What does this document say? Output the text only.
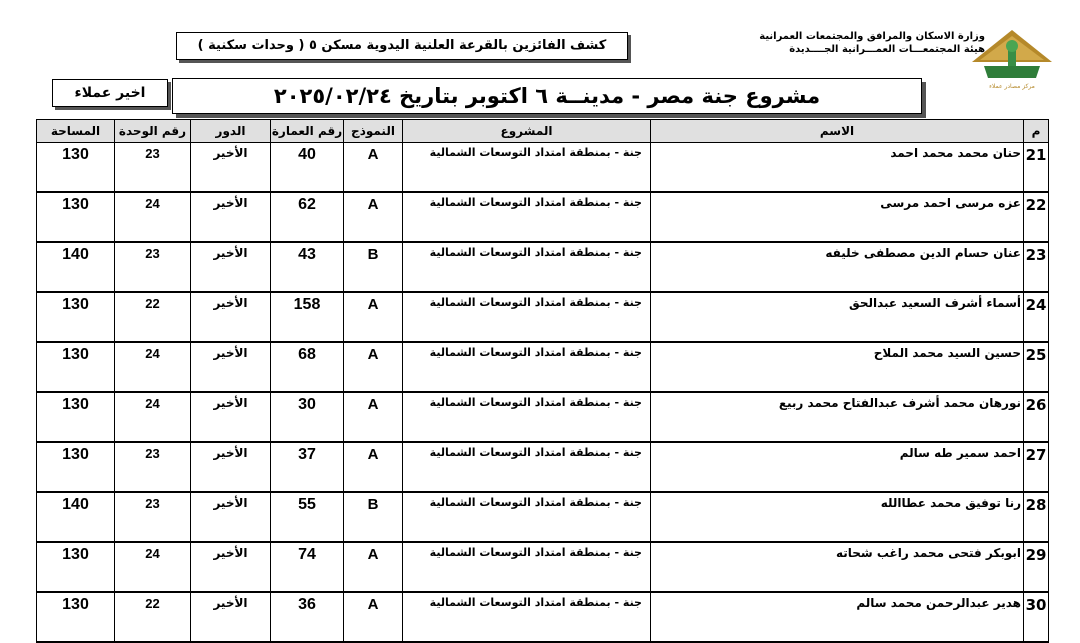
وزارة الاسكان والمرافق والمجتمعات العمرانية
هيئة المجتمعـــات العمـــرانية الجــــديدة
مركز مصادر عملاء
كشف الفائزين بالقرعة العلنية اليدوية مسكن ٥ ( وحدات سكنية )
مشروع جنة مصر - مدينــة ٦ اكتوبر بتاريخ ٢٠٢٥/٠٢/٢٤
اخير عملاء
م	الاسم	المشروع	النموذج	رقم العمارة	الدور	رقم الوحدة	المساحة
21	حنان محمد محمد احمد	جنة - بمنطقة امتداد التوسعات الشمالية	A	40	الأخير	23	130
22	عزه مرسى احمد مرسى	جنة - بمنطقة امتداد التوسعات الشمالية	A	62	الأخير	24	130
23	عنان حسام الدين مصطفى خليفه	جنة - بمنطقة امتداد التوسعات الشمالية	B	43	الأخير	23	140
24	أسماء أشرف السعيد عبدالحق	جنة - بمنطقة امتداد التوسعات الشمالية	A	158	الأخير	22	130
25	حسين السيد محمد الملاح	جنة - بمنطقة امتداد التوسعات الشمالية	A	68	الأخير	24	130
26	نورهان محمد أشرف عبدالفتاح محمد ربيع	جنة - بمنطقة امتداد التوسعات الشمالية	A	30	الأخير	24	130
27	احمد سمير طه سالم	جنة - بمنطقة امتداد التوسعات الشمالية	A	37	الأخير	23	130
28	رنا توفيق محمد عطاالله	جنة - بمنطقة امتداد التوسعات الشمالية	B	55	الأخير	23	140
29	ابوبكر فتحى محمد راغب شحاته	جنة - بمنطقة امتداد التوسعات الشمالية	A	74	الأخير	24	130
30	هدير عبدالرحمن محمد سالم	جنة - بمنطقة امتداد التوسعات الشمالية	A	36	الأخير	22	130
